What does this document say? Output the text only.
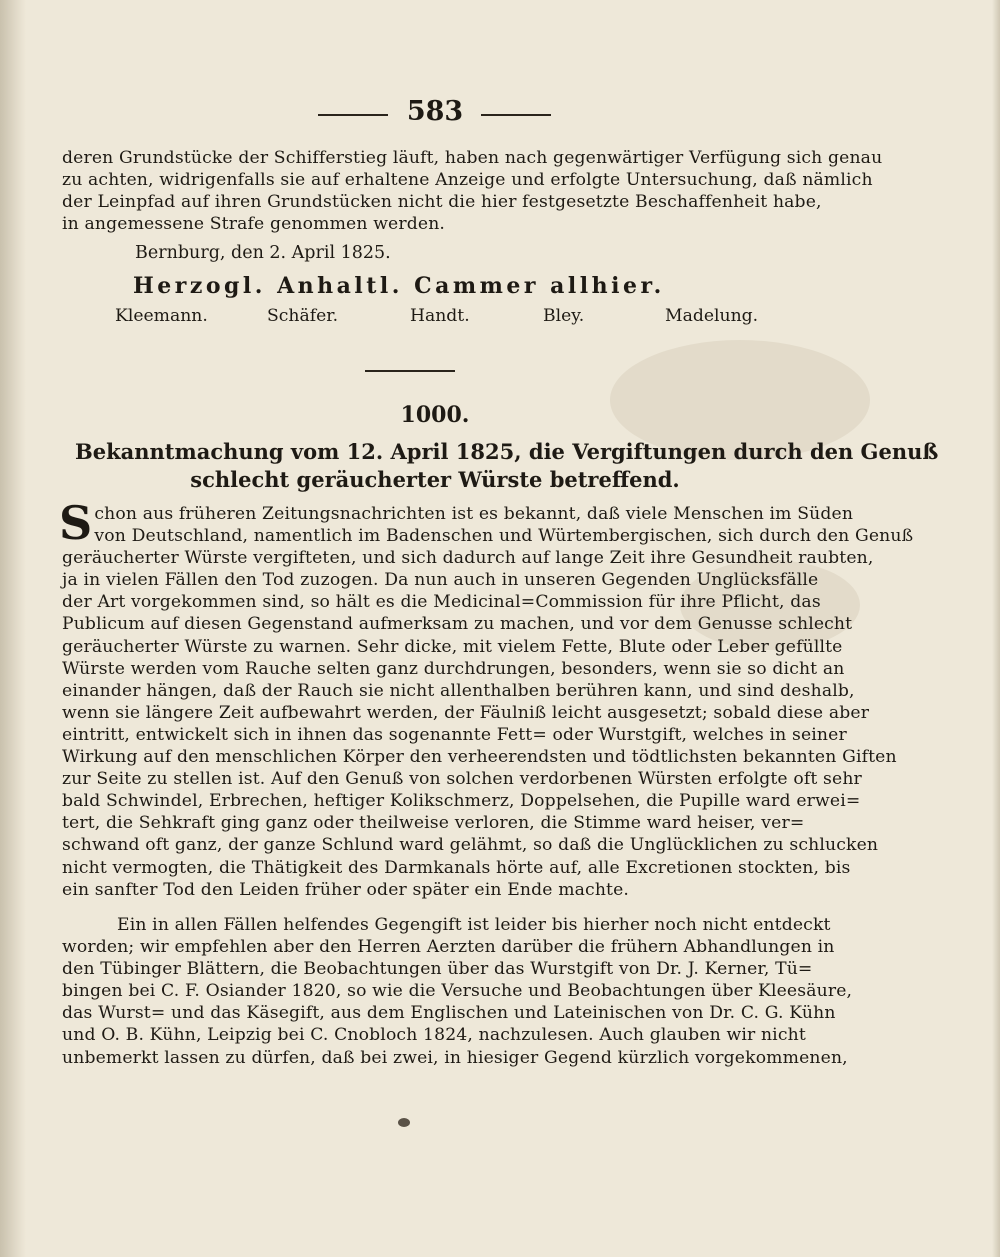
583
deren Grundstücke der Schifferstieg läuft, haben nach gegenwärtiger Verfügung sich genau
zu achten, widrigenfalls sie auf erhaltene Anzeige und erfolgte Untersuchung, daß nämlich
der Leinpfad auf ihren Grundstücken nicht die hier festgesetzte Beschaffenheit habe,
in angemessene Strafe genommen werden.
Bernburg, den 2. April 1825.
Herzogl. Anhaltl. Cammer allhier.
Kleemann.	Schäfer.	Handt.	Bley.	Madelung.
1000.
Bekanntmachung vom 12. April 1825, die Vergiftungen durch den Genuß
schlecht geräucherter Würste betreffend.
S chon aus früheren Zeitungsnachrichten ist es bekannt, daß viele Menschen im Süden
von Deutschland, namentlich im Badenschen und Würtembergischen, sich durch den Genuß
geräucherter Würste vergifteten, und sich dadurch auf lange Zeit ihre Gesundheit raubten,
ja in vielen Fällen den Tod zuzogen. Da nun auch in unseren Gegenden Unglücksfälle
der Art vorgekommen sind, so hält es die Medicinal=Commission für ihre Pflicht, das
Publicum auf diesen Gegenstand aufmerksam zu machen, und vor dem Genusse schlecht
geräucherter Würste zu warnen. Sehr dicke, mit vielem Fette, Blute oder Leber gefüllte
Würste werden vom Rauche selten ganz durchdrungen, besonders, wenn sie so dicht an
einander hängen, daß der Rauch sie nicht allenthalben berühren kann, und sind deshalb,
wenn sie längere Zeit aufbewahrt werden, der Fäulniß leicht ausgesetzt; sobald diese aber
eintritt, entwickelt sich in ihnen das sogenannte Fett= oder Wurstgift, welches in seiner
Wirkung auf den menschlichen Körper den verheerendsten und tödtlichsten bekannten Giften
zur Seite zu stellen ist. Auf den Genuß von solchen verdorbenen Würsten erfolgte oft sehr
bald Schwindel, Erbrechen, heftiger Kolikschmerz, Doppelsehen, die Pupille ward erwei=
tert, die Sehkraft ging ganz oder theilweise verloren, die Stimme ward heiser, ver=
schwand oft ganz, der ganze Schlund ward gelähmt, so daß die Unglücklichen zu schlucken
nicht vermogten, die Thätigkeit des Darmkanals hörte auf, alle Excretionen stockten, bis
ein sanfter Tod den Leiden früher oder später ein Ende machte.
Ein in allen Fällen helfendes Gegengift ist leider bis hierher noch nicht entdeckt
worden; wir empfehlen aber den Herren Aerzten darüber die frühern Abhandlungen in
den Tübinger Blättern, die Beobachtungen über das Wurstgift von Dr. J. Kerner, Tü=
bingen bei C. F. Osiander 1820, so wie die Versuche und Beobachtungen über Kleesäure,
das Wurst= und das Käsegift, aus dem Englischen und Lateinischen von Dr. C. G. Kühn
und O. B. Kühn, Leipzig bei C. Cnobloch 1824, nachzulesen. Auch glauben wir nicht
unbemerkt lassen zu dürfen, daß bei zwei, in hiesiger Gegend kürzlich vorgekommenen,
